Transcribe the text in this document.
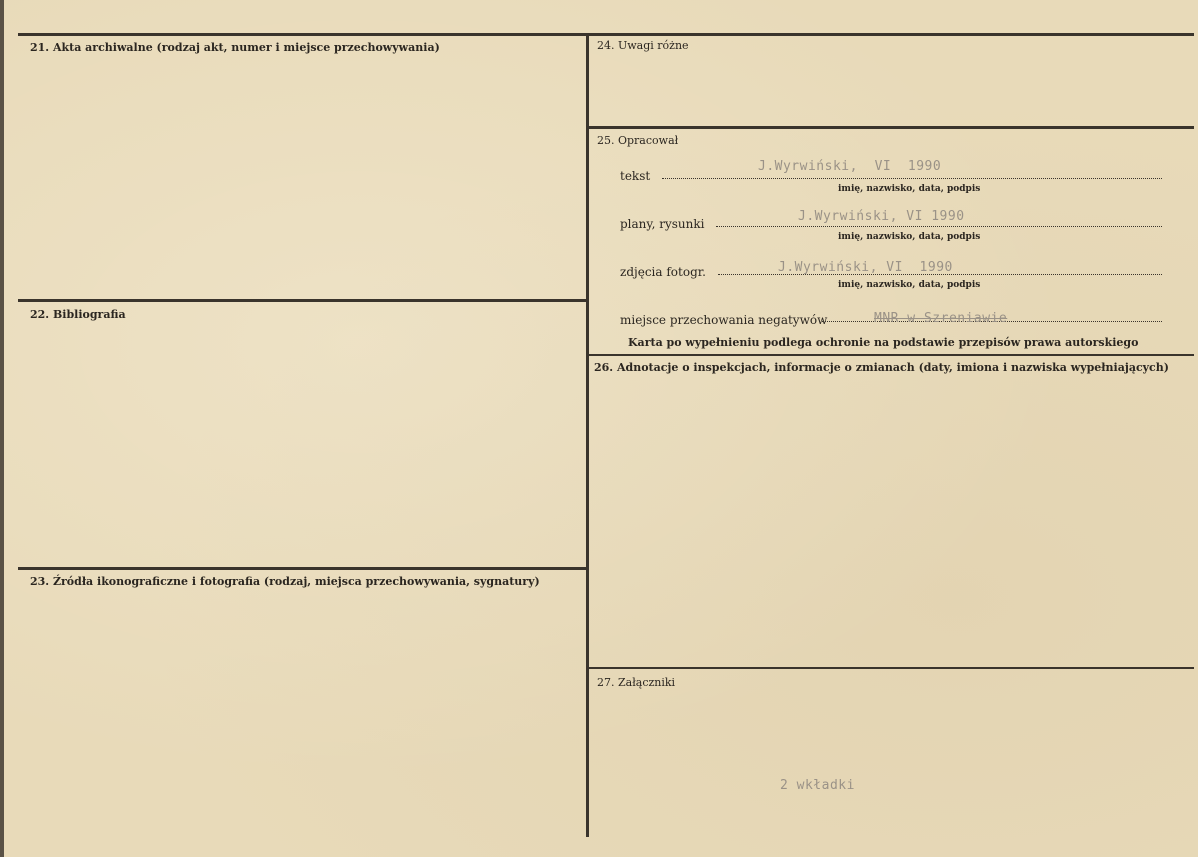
21. Akta archiwalne (rodzaj akt, numer i miejsce przechowywania)
22. Bibliografia
23. Źródła ikonograficzne i fotografia (rodzaj, miejsca przechowywania, sygnatury)
24. Uwagi różne
25. Opracował
26. Adnotacje o inspekcjach, informacje o zmianach (daty, imiona i nazwiska wypełniających)
27. Załączniki
tekst
J.Wyrwiński,  VI  1990
imię, nazwisko, data, podpis
plany, rysunki	J.Wyrwiński, VI 1990
imię, nazwisko, data, podpis
zdjęcia fotogr.	J.Wyrwiński, VI  1990
imię, nazwisko, data, podpis
miejsce przechowania negatywów	MNR w Szreniawie
Karta po wypełnieniu podlega ochronie na podstawie przepisów prawa autorskiego
2 wkładki
